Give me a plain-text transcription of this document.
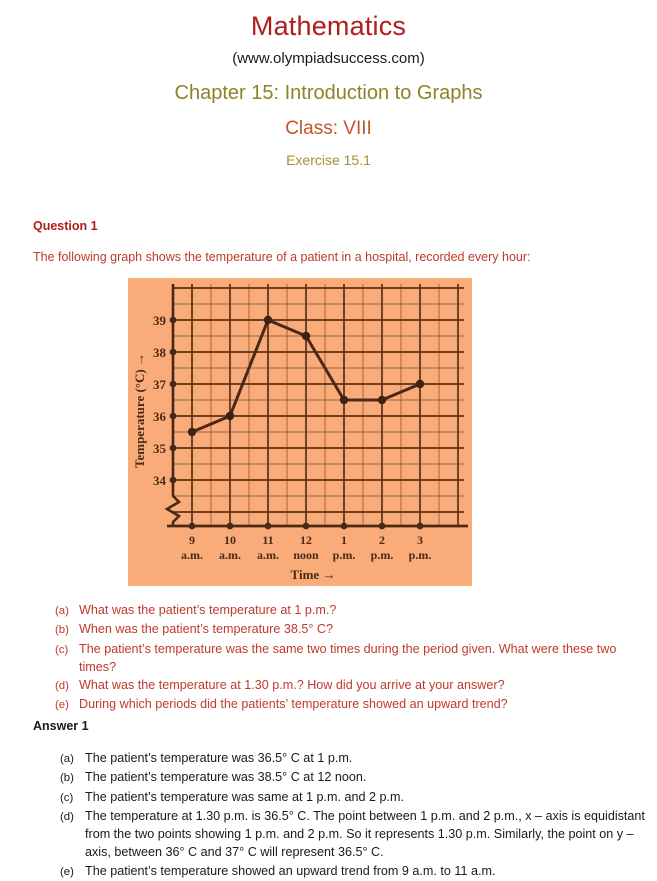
Mathematics
(www.olympiadsuccess.com)
Chapter 15: Introduction to Graphs
Class: VIII
Exercise 15.1
Question 1
The following graph shows the temperature of a patient in a hospital, recorded every hour:
34
35
36
37
38
39
Temperature (°C) →
9
a.m.
10
a.m.
11
a.m.
12
noon
1
p.m.
2
p.m.
3
p.m.
Time →
(a) What was the patient’s temperature at 1 p.m.?
(b) When was the patient’s temperature 38.5° C?
(c) The patient’s temperature was the same two times during the period given. What were these two times?
(d) What was the temperature at 1.30 p.m.? How did you arrive at your answer?
(e) During which periods did the patients’ temperature showed an upward trend?
Answer 1
(a) The patient’s temperature was 36.5° C at 1 p.m.
(b) The patient’s temperature was 38.5° C at 12 noon.
(c) The patient’s temperature was same at 1 p.m. and 2 p.m.
(d) The temperature at 1.30 p.m. is 36.5° C. The point between 1 p.m. and 2 p.m., x – axis is equidistant from the two points showing 1 p.m. and 2 p.m. So it represents 1.30 p.m. Similarly, the point on y –axis, between 36° C and 37° C will represent 36.5° C.
(e) The patient’s temperature showed an upward trend from 9 a.m. to 11 a.m.
